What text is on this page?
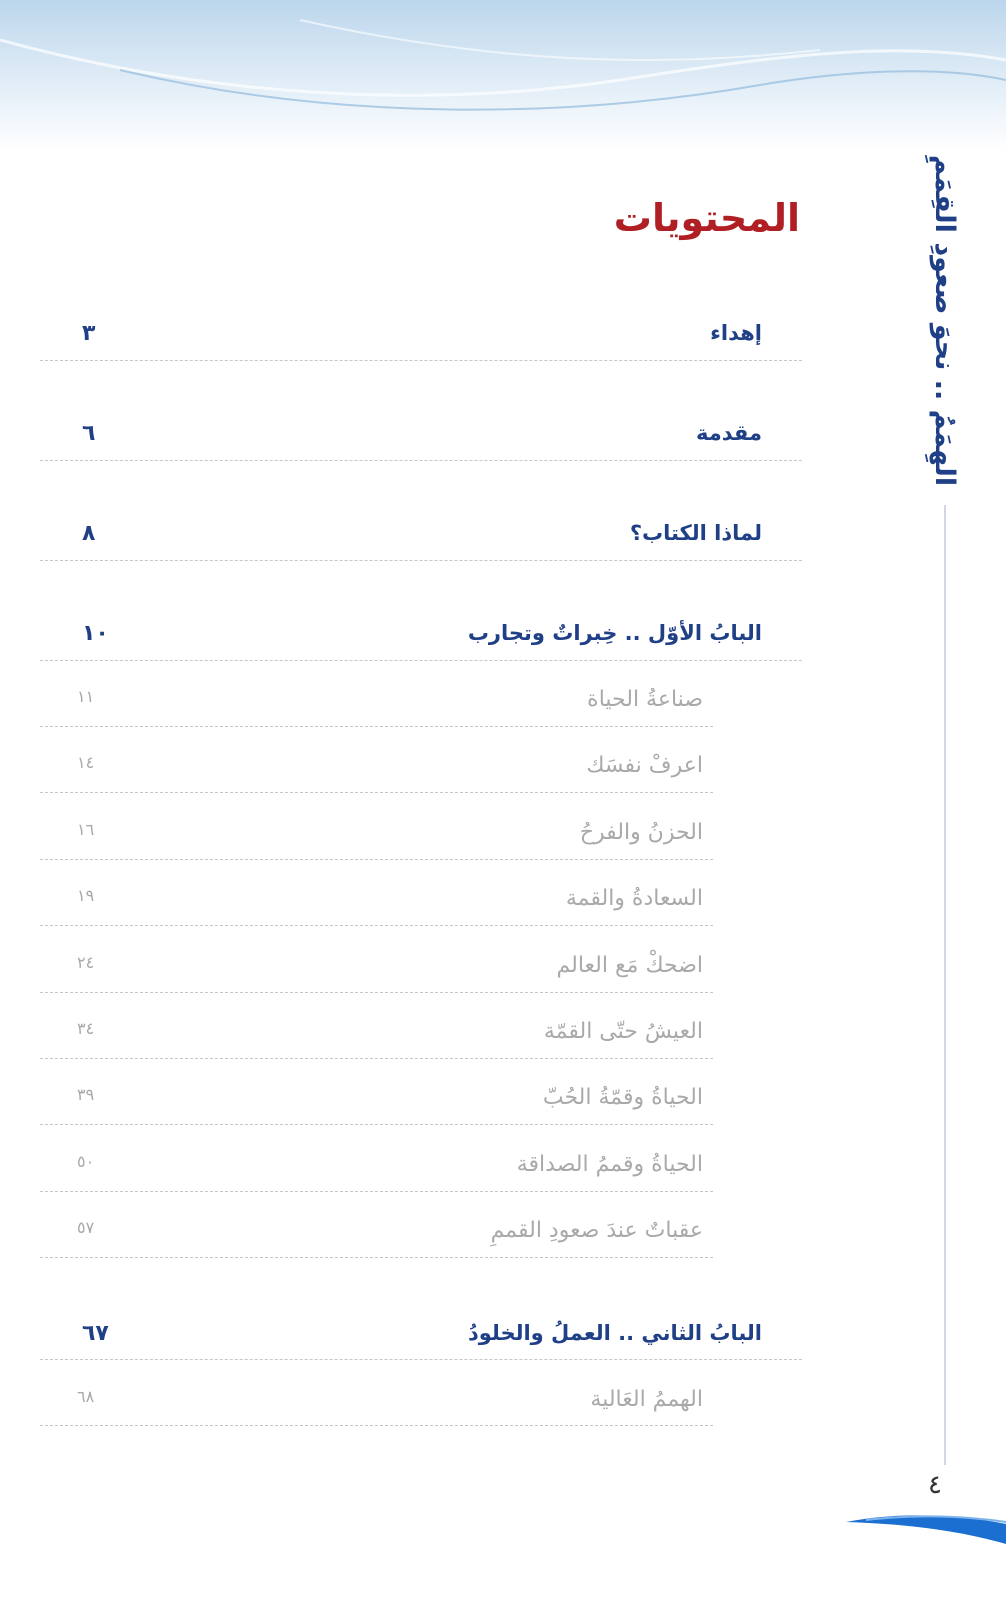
الهِمَمُ .. نحوَ صعودِ القِمَمِ
المحتويات
إهداء
٣
مقدمة
٦
لماذا الكتاب؟
٨
البابُ الأوّل .. خِبراتٌ وتجارب
١٠
صناعةُ الحياة
١١
اعرفْ نفسَك
١٤
الحزنُ والفرحُ
١٦
السعادةُ والقمة
١٩
اضحكْ مَع العالم
٢٤
العيشُ حتّى القمّة
٣٤
الحياةُ وقمّةُ الحُبّ
٣٩
الحياةُ وقممُ الصداقة
٥٠
عقباتٌ عندَ صعودِ القممِ
٥٧
البابُ الثاني .. العملُ والخلودُ
٦٧
الهممُ العَالية
٦٨
٤
